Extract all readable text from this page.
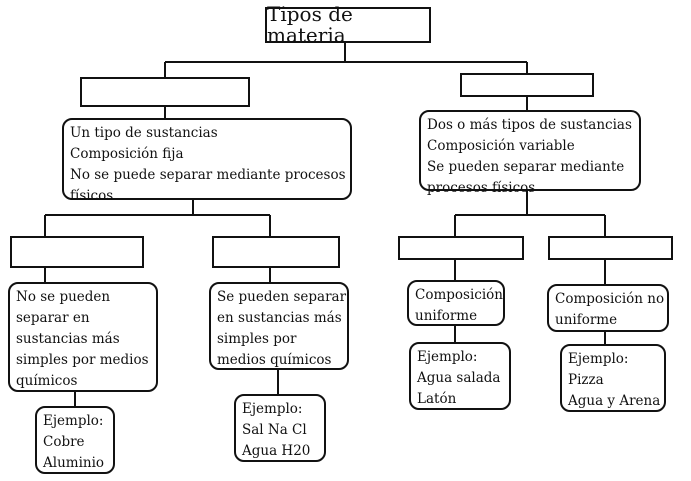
Tipos de materia
Un tipo de sustancias
Composición fija
No se puede separar mediante procesos
físicos
Dos o más tipos de sustancias
Composición variable
Se pueden separar mediante
procesos físicos
No se pueden
separar en
sustancias más
simples por medios
químicos
Se pueden separar
en sustancias más
simples por
medios químicos
Composición
uniforme
Composición no
uniforme
Ejemplo:
Cobre
Aluminio
Ejemplo:
Sal Na Cl
Agua H20
Ejemplo:
Agua salada
Latón
Ejemplo:
Pizza
Agua y Arena
